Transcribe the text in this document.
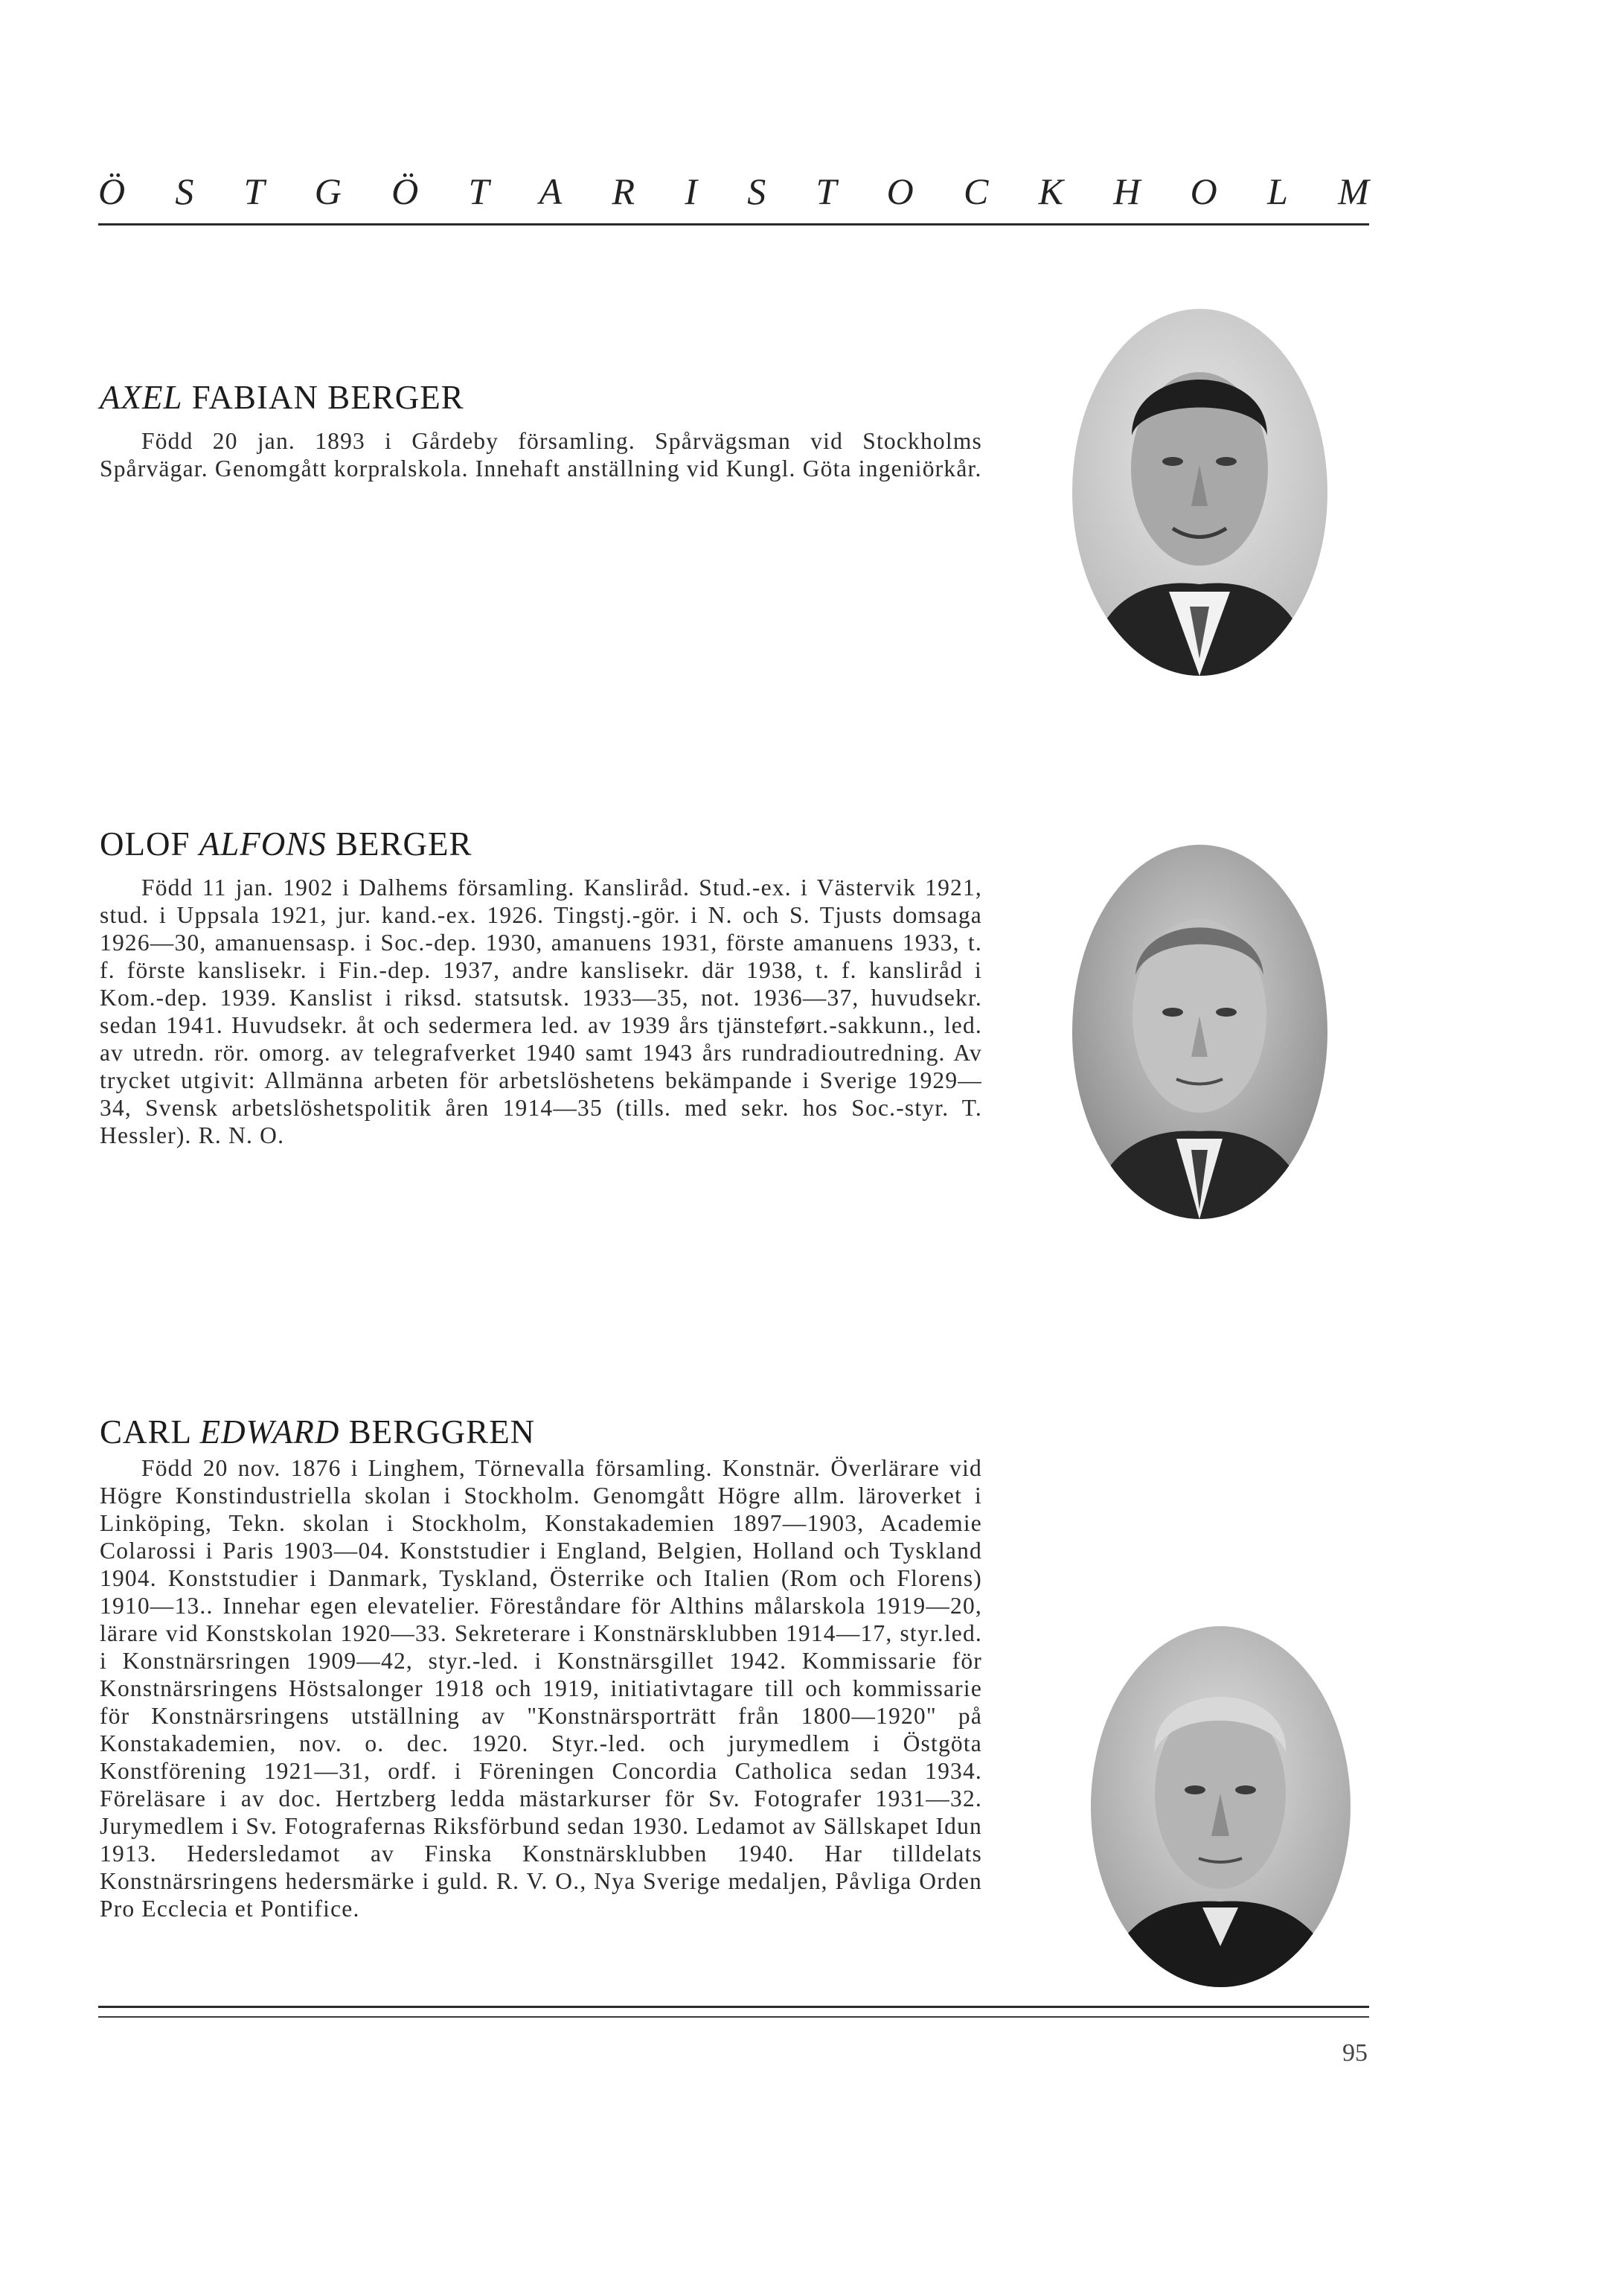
Ö S T G Ö T A R I S T O C K H O L M
AXEL FABIAN BERGER
Född 20 jan. 1893 i Gårdeby församling. Spårvägsman vid Stockholms Spårvägar. Genomgått korpralskola. Innehaft anställning vid Kungl. Göta ingeniörkår.
OLOF ALFONS BERGER
Född 11 jan. 1902 i Dalhems församling. Kanslіråd. Stud.-ex. i Västervik 1921, stud. i Uppsala 1921, jur. kand.-ex. 1926. Tingstj.-gör. i N. och S. Tjusts domsaga 1926—30, amanuensasp. i Soc.-dep. 1930, amanuens 1931, förste amanuens 1933, t. f. förste kanslisekr. i Fin.-dep. 1937, andre kanslisekr. där 1938, t. f. kanslіråd i Kom.-dep. 1939. Kanslist i riksd. statsutsk. 1933—35, not. 1936—37, huvudsekr. sedan 1941. Huvudsekr. åt och sedermera led. av 1939 års tjänsteført.-sakkunn., led. av utredn. rör. omorg. av telegrafverket 1940 samt 1943 års rundradioutredning. Av trycket utgivit: Allmänna arbeten för arbetslöshetens bekämpande i Sverige 1929—34, Svensk arbetslöshetspolitik åren 1914—35 (tills. med sekr. hos Soc.-styr. T. Hessler). R. N. O.
CARL EDWARD BERGGREN
Född 20 nov. 1876 i Linghem, Törnevalla församling. Konstnär. Överlärare vid Högre Konstindustriella skolan i Stockholm. Genomgått Högre allm. läroverket i Linköping, Tekn. skolan i Stockholm, Konstakademien 1897—1903, Academie Colarossi i Paris 1903—04. Konststudier i England, Belgien, Holland och Tyskland 1904. Konststudier i Danmark, Tyskland, Österrike och Italien (Rom och Florens) 1910—13.. Innehar egen elevatelier. Föreståndare för Althins målarskola 1919—20, lärare vid Konstskolan 1920—33. Sekreterare i Konstnärsklubben 1914—17, styr.led. i Konstnärsringen 1909—42, styr.-led. i Konstnärsgillet 1942. Kommissarie för Konstnärsringens Höstsalonger 1918 och 1919, initiativtagare till och kommissarie för Konstnärsringens utställning av "Konstnärsporträtt från 1800—1920" på Konstakademien, nov. o. dec. 1920. Styr.-led. och jurymedlem i Östgöta Konstförening 1921—31, ordf. i Föreningen Concordia Catholica sedan 1934. Föreläsare i av doc. Hertzberg ledda mästarkurser för Sv. Fotografer 1931—32. Jurymedlem i Sv. Fotografernas Riksförbund sedan 1930. Ledamot av Sällskapet Idun 1913. Hedersledamot av Finska Konstnärsklubben 1940. Har tilldelats Konstnärsringens hedersmärke i guld. R. V. O., Nya Sverige medaljen, Påvliga Orden Pro Ecclecia et Pontifice.
95
